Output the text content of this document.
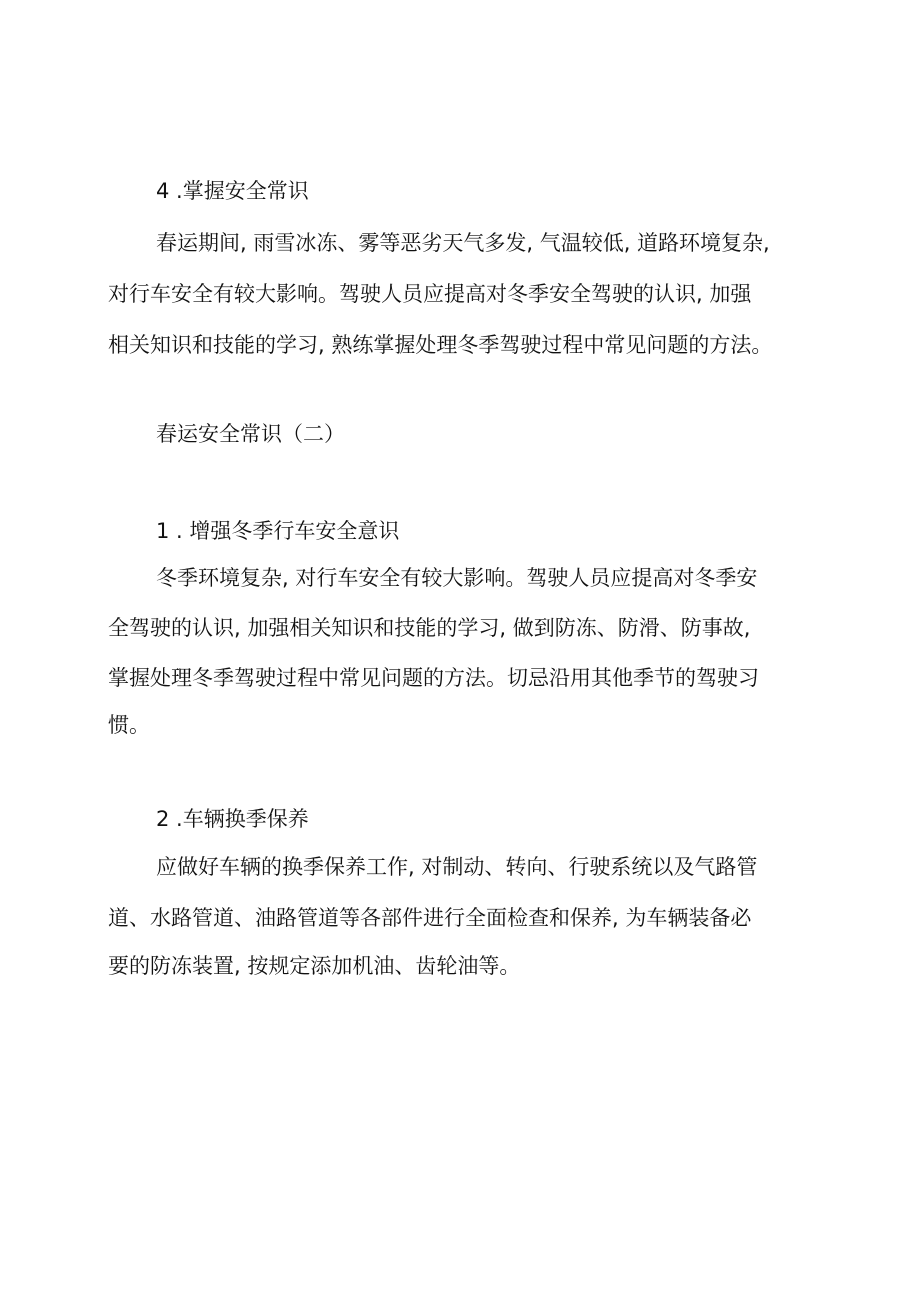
4 .掌握安全常识
春运期间, 雨雪冰冻、雾等恶劣天气多发, 气温较低, 道路环境复杂,
对行车安全有较大影响。驾驶人员应提高对冬季安全驾驶的认识, 加强
相关知识和技能的学习, 熟练掌握处理冬季驾驶过程中常见问题的方法。
春运安全常识（二）
1 . 增强冬季行车安全意识
冬季环境复杂, 对行车安全有较大影响。驾驶人员应提高对冬季安
全驾驶的认识, 加强相关知识和技能的学习, 做到防冻、防滑、防事故,
掌握处理冬季驾驶过程中常见问题的方法。切忌沿用其他季节的驾驶习
惯。
2 .车辆换季保养
应做好车辆的换季保养工作, 对制动、转向、行驶系统以及气路管
道、水路管道、油路管道等各部件进行全面检查和保养, 为车辆装备必
要的防冻装置, 按规定添加机油、齿轮油等。
